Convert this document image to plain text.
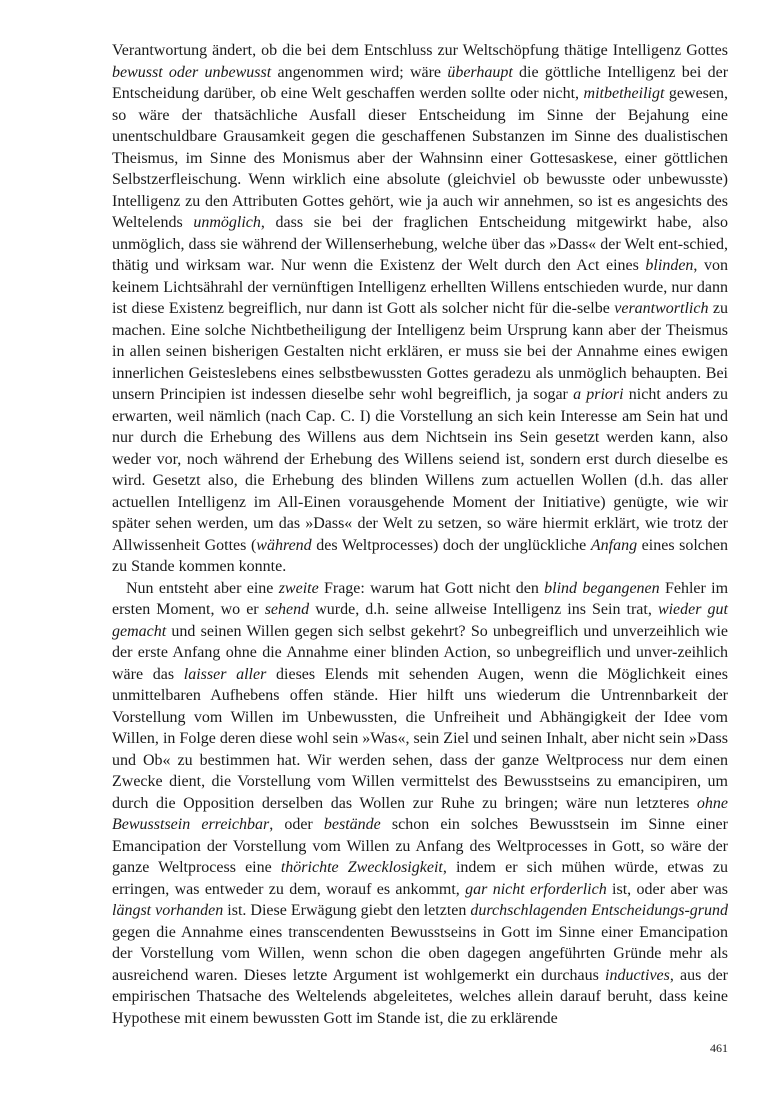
Verantwortung ändert, ob die bei dem Entschluss zur Weltschöpfung thätige Intelligenz Gottes bewusst oder unbewusst angenommen wird; wäre überhaupt die göttliche Intelligenz bei der Entscheidung darüber, ob eine Welt geschaffen werden sollte oder nicht, mitbetheiligt gewesen, so wäre der thatsächliche Ausfall dieser Entscheidung im Sinne der Bejahung eine unentschuldbare Grausamkeit gegen die geschaffenen Substanzen im Sinne des dualistischen Theismus, im Sinne des Monismus aber der Wahnsinn einer Gottesaskese, einer göttlichen Selbstzerfleischung. Wenn wirklich eine absolute (gleichviel ob bewusste oder unbewusste) Intelligenz zu den Attributen Gottes gehört, wie ja auch wir annehmen, so ist es angesichts des Weltelends unmöglich, dass sie bei der fraglichen Entscheidung mitgewirkt habe, also unmöglich, dass sie während der Willenserhebung, welche über das »Dass« der Welt ent-schied, thätig und wirksam war. Nur wenn die Existenz der Welt durch den Act eines blinden, von keinem Lichtsährahl der vernünftigen Intelligenz erhellten Willens entschieden wurde, nur dann ist diese Existenz begreiflich, nur dann ist Gott als solcher nicht für die-selbe verantwortlich zu machen. Eine solche Nichtbetheiligung der Intelligenz beim Ursprung kann aber der Theismus in allen seinen bisherigen Gestalten nicht erklären, er muss sie bei der Annahme eines ewigen innerlichen Geisteslebens eines selbstbewussten Gottes geradezu als unmöglich behaupten. Bei unsern Principien ist indessen dieselbe sehr wohl begreiflich, ja sogar a priori nicht anders zu erwarten, weil nämlich (nach Cap. C. I) die Vorstellung an sich kein Interesse am Sein hat und nur durch die Erhebung des Willens aus dem Nichtsein ins Sein gesetzt werden kann, also weder vor, noch während der Erhebung des Willens seiend ist, sondern erst durch dieselbe es wird. Gesetzt also, die Erhebung des blinden Willens zum actuellen Wollen (d.h. das aller actuellen Intelligenz im All-Einen vorausgehende Moment der Initiative) genügte, wie wir später sehen werden, um das »Dass« der Welt zu setzen, so wäre hiermit erklärt, wie trotz der Allwissenheit Gottes (während des Weltprocesses) doch der unglückliche Anfang eines solchen zu Stande kommen konnte.

Nun entsteht aber eine zweite Frage: warum hat Gott nicht den blind begangenen Fehler im ersten Moment, wo er sehend wurde, d.h. seine allweise Intelligenz ins Sein trat, wieder gut gemacht und seinen Willen gegen sich selbst gekehrt? So unbegreiflich und unverzeihlich wie der erste Anfang ohne die Annahme einer blinden Action, so unbegreiflich und unver-zeihlich wäre das laisser aller dieses Elends mit sehenden Augen, wenn die Möglichkeit eines unmittelbaren Aufhebens offen stände. Hier hilft uns wiederum die Untrennbarkeit der Vorstellung vom Willen im Unbewussten, die Unfreiheit und Abhängigkeit der Idee vom Willen, in Folge deren diese wohl sein »Was«, sein Ziel und seinen Inhalt, aber nicht sein »Dass und Ob« zu bestimmen hat. Wir werden sehen, dass der ganze Weltprocess nur dem einen Zwecke dient, die Vorstellung vom Willen vermittelst des Bewusstseins zu emancipiren, um durch die Opposition derselben das Wollen zur Ruhe zu bringen; wäre nun letzteres ohne Bewusstsein erreichbar, oder bestände schon ein solches Bewusstsein im Sinne einer Emancipation der Vorstellung vom Willen zu Anfang des Weltprocesses in Gott, so wäre der ganze Weltprocess eine thörichte Zwecklosigkeit, indem er sich mühen würde, etwas zu erringen, was entweder zu dem, worauf es ankommt, gar nicht erforderlich ist, oder aber was längst vorhanden ist. Diese Erwägung giebt den letzten durchschlagenden Entscheidungs-grund gegen die Annahme eines transcendenten Bewusstseins in Gott im Sinne einer Emancipation der Vorstellung vom Willen, wenn schon die oben dagegen angeführten Gründe mehr als ausreichend waren. Dieses letzte Argument ist wohlgemerkt ein durchaus inductives, aus der empirischen Thatsache des Weltelends abgeleitetes, welches allein darauf beruht, dass keine Hypothese mit einem bewussten Gott im Stande ist, die zu erklärende

461
